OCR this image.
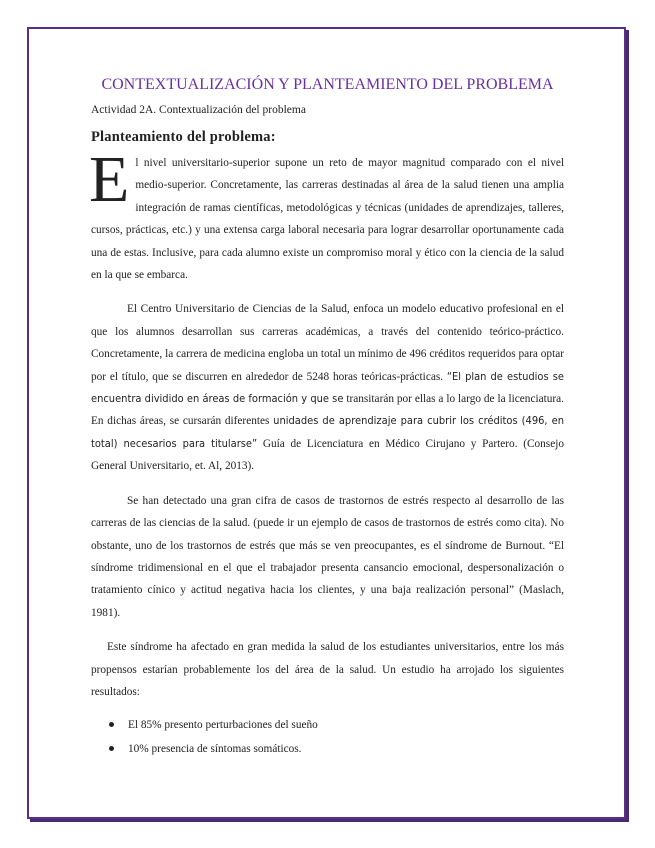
CONTEXTUALIZACIÓN Y PLANTEAMIENTO DEL PROBLEMA
Actividad 2A. Contextualización del problema
Planteamiento del problema:

El nivel universitario-superior supone un reto de mayor magnitud comparado con el nivel medio-superior. Concretamente, las carreras destinadas al área de la salud tienen una amplia integración de ramas científicas, metodológicas y técnicas (unidades de aprendizajes, talleres, cursos, prácticas, etc.) y una extensa carga laboral necesaria para lograr desarrollar oportunamente cada una de estas. Inclusive, para cada alumno existe un compromiso moral y ético con la ciencia de la salud en la que se embarca.

El Centro Universitario de Ciencias de la Salud, enfoca un modelo educativo profesional en el que los alumnos desarrollan sus carreras académicas, a través del contenido teórico-práctico. Concretamente, la carrera de medicina engloba un total un mínimo de 496 créditos requeridos para optar por el título, que se discurren en alrededor de 5248 horas teóricas-prácticas. “El plan de estudios se encuentra dividido en áreas de formación y que se transitarán por ellas a lo largo de la licenciatura. En dichas áreas, se cursarán diferentes unidades de aprendizaje para cubrir los créditos (496, en total) necesarios para titularse” Guía de Licenciatura en Médico Cirujano y Partero. (Consejo General Universitario, et. Al, 2013).

Se han detectado una gran cifra de casos de trastornos de estrés respecto al desarrollo de las carreras de las ciencias de la salud. (puede ir un ejemplo de casos de trastornos de estrés como cita). No obstante, uno de los trastornos de estrés que más se ven preocupantes, es el síndrome de Burnout. “El síndrome tridimensional en el que el trabajador presenta cansancio emocional, despersonalización o tratamiento cínico y actitud negativa hacia los clientes, y una baja realización personal” (Maslach, 1981).

Este síndrome ha afectado en gran medida la salud de los estudiantes universitarios, entre los más propensos estarían probablemente los del área de la salud. Un estudio ha arrojado los siguientes resultados:

El 85% presento perturbaciones del sueño
10% presencia de síntomas somáticos.
